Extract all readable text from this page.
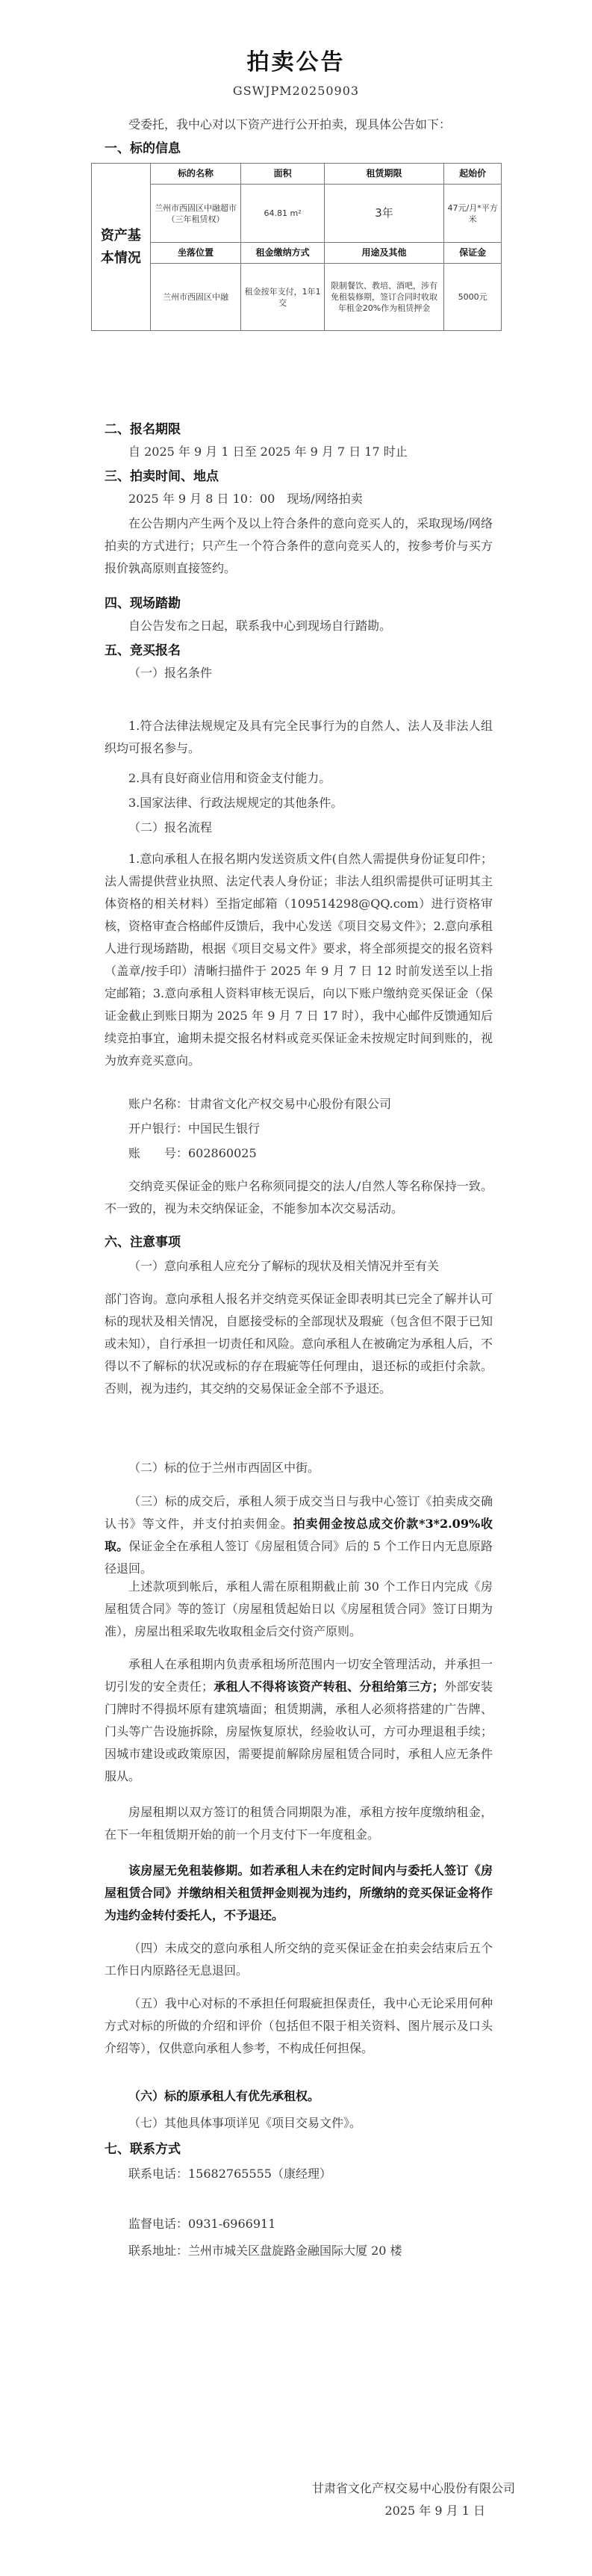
拍卖公告
GSWJPM20250903
受委托，我中心对以下资产进行公开拍卖，现具体公告如下：
一、标的信息
资产基本情况	标的名称	面积	租赁期限	起始价
	兰州市西固区中融超市（三年租赁权）	64.81 m²	3年	47元/月*平方米
	坐落位置	租金缴纳方式	用途及其他	保证金
	兰州市西固区中融	租金按年支付，1年1交	限制餐饮、教培、酒吧，涉有免租装修期，签订合同时收取年租金20%作为租赁押金	5000元
二、报名期限
自 2025 年 9 月 1 日至 2025 年 9 月 7 日 17 时止
三、拍卖时间、地点
2025 年 9 月 8 日 10：00　现场/网络拍卖
在公告期内产生两个及以上符合条件的意向竞买人的，采取现场/网络拍卖的方式进行；只产生一个符合条件的意向竞买人的，按参考价与买方报价孰高原则直接签约。
四、现场踏勘
自公告发布之日起，联系我中心到现场自行踏勘。
五、竞买报名
（一）报名条件
1.符合法律法规规定及具有完全民事行为的自然人、法人及非法人组织均可报名参与。
2.具有良好商业信用和资金支付能力。
3.国家法律、行政法规规定的其他条件。
（二）报名流程
1.意向承租人在报名期内发送资质文件(自然人需提供身份证复印件；法人需提供营业执照、法定代表人身份证；非法人组织需提供可证明其主体资格的相关材料）至指定邮箱（109514298@QQ.com）进行资格审核，资格审查合格邮件反馈后，我中心发送《项目交易文件》；2.意向承租人进行现场踏勘，根据《项目交易文件》要求，将全部须提交的报名资料（盖章/按手印）清晰扫描件于 2025 年 9 月 7 日 12 时前发送至以上指定邮箱；3.意向承租人资料审核无误后，向以下账户缴纳竞买保证金（保证金截止到账日期为 2025 年 9 月 7 日 17 时），我中心邮件反馈通知后续竞拍事宜，逾期未提交报名材料或竞买保证金未按规定时间到账的，视为放弃竞买意向。
账户名称：甘肃省文化产权交易中心股份有限公司
开户银行：中国民生银行
账　　号：602860025
交纳竞买保证金的账户名称须同提交的法人/自然人等名称保持一致。不一致的，视为未交纳保证金，不能参加本次交易活动。
六、注意事项
（一）意向承租人应充分了解标的现状及相关情况并至有关
部门咨询。意向承租人报名并交纳竞买保证金即表明其已完全了解并认可标的现状及相关情况，自愿接受标的全部现状及瑕疵（包含但不限于已知或未知），自行承担一切责任和风险。意向承租人在被确定为承租人后，不得以不了解标的状况或标的存在瑕疵等任何理由，退还标的或拒付余款。否则，视为违约，其交纳的交易保证金全部不予退还。
（二）标的位于兰州市西固区中街。
（三）标的成交后，承租人须于成交当日与我中心签订《拍卖成交确认书》等文件，并支付拍卖佣金。拍卖佣金按总成交价款*3*2.09%收取。保证金全在承租人签订《房屋租赁合同》后的 5 个工作日内无息原路径退回。
上述款项到帐后，承租人需在原租期截止前 30 个工作日内完成《房屋租赁合同》等的签订（房屋租赁起始日以《房屋租赁合同》签订日期为准），房屋出租采取先收取租金后交付资产原则。
承租人在承租期内负责承租场所范围内一切安全管理活动，并承担一切引发的安全责任；承租人不得将该资产转租、分租给第三方；外部安装门牌时不得损坏原有建筑墙面；租赁期满，承租人必须将搭建的广告牌、门头等广告设施拆除，房屋恢复原状，经验收认可，方可办理退租手续；因城市建设或政策原因，需要提前解除房屋租赁合同时，承租人应无条件服从。
房屋租期以双方签订的租赁合同期限为准，承租方按年度缴纳租金，在下一年租赁期开始的前一个月支付下一年度租金。
该房屋无免租装修期。如若承租人未在约定时间内与委托人签订《房屋租赁合同》并缴纳相关租赁押金则视为违约，所缴纳的竞买保证金将作为违约金转付委托人，不予退还。
（四）未成交的意向承租人所交纳的竞买保证金在拍卖会结束后五个工作日内原路径无息退回。
（五）我中心对标的不承担任何瑕疵担保责任，我中心无论采用何种方式对标的所做的介绍和评价（包括但不限于相关资料、图片展示及口头介绍等），仅供意向承租人参考，不构成任何担保。
（六）标的原承租人有优先承租权。
（七）其他具体事项详见《项目交易文件》。
七、联系方式
联系电话：15682765555（康经理）
监督电话：0931-6966911
联系地址：兰州市城关区盘旋路金融国际大厦 20 楼
甘肃省文化产权交易中心股份有限公司
2025 年 9 月 1 日
